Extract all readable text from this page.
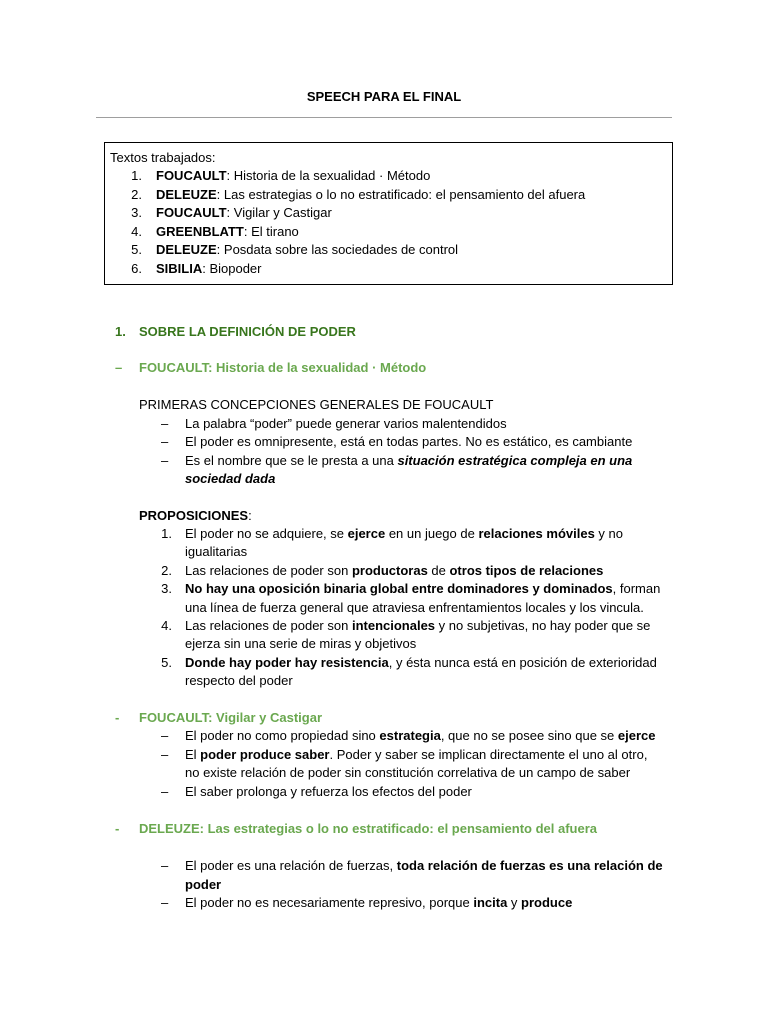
SPEECH PARA EL FINAL
Textos trabajados:
1. FOUCAULT: Historia de la sexualidad · Método
2. DELEUZE: Las estrategias o lo no estratificado: el pensamiento del afuera
3. FOUCAULT: Vigilar y Castigar
4. GREENBLATT: El tirano
5. DELEUZE: Posdata sobre las sociedades de control
6. SIBILIA: Biopoder
1. SOBRE LA DEFINICIÓN DE PODER
– FOUCAULT: Historia de la sexualidad · Método
PRIMERAS CONCEPCIONES GENERALES DE FOUCAULT
– La palabra “poder” puede generar varios malentendidos
– El poder es omnipresente, está en todas partes. No es estático, es cambiante
– Es el nombre que se le presta a una situación estratégica compleja en una
sociedad dada
PROPOSICIONES:
1. El poder no se adquiere, se ejerce en un juego de relaciones móviles y no
igualitarias
2. Las relaciones de poder son productoras de otros tipos de relaciones
3. No hay una oposición binaria global entre dominadores y dominados, forman
una línea de fuerza general que atraviesa enfrentamientos locales y los vincula.
4. Las relaciones de poder son intencionales y no subjetivas, no hay poder que se
ejerza sin una serie de miras y objetivos
5. Donde hay poder hay resistencia, y ésta nunca está en posición de exterioridad
respecto del poder
- FOUCAULT: Vigilar y Castigar
– El poder no como propiedad sino estrategia, que no se posee sino que se ejerce
– El poder produce saber. Poder y saber se implican directamente el uno al otro,
no existe relación de poder sin constitución correlativa de un campo de saber
– El saber prolonga y refuerza los efectos del poder
- DELEUZE: Las estrategias o lo no estratificado: el pensamiento del afuera
– El poder es una relación de fuerzas, toda relación de fuerzas es una relación de
poder
– El poder no es necesariamente represivo, porque incita y produce
